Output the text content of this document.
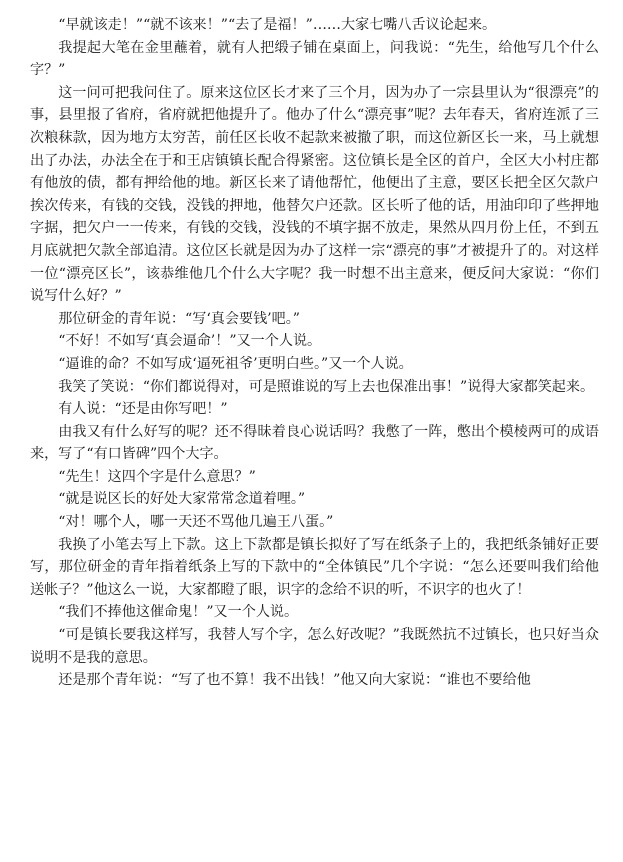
“早就该走！”“就不该来！”“去了是福！”……大家七嘴八舌议论起来。

我提起大笔在金里蘸着，就有人把缎子铺在桌面上，问我说：“先生，给他写几个什么字？”

这一问可把我问住了。原来这位区长才来了三个月，因为办了一宗县里认为“很漂亮”的事，县里报了省府，省府就把他提升了。他办了什么“漂亮事”呢？去年春天，省府连派了三次粮秣款，因为地方太穷苦，前任区长收不起款来被撤了职，而这位新区长一来，马上就想出了办法，办法全在于和王店镇镇长配合得紧密。这位镇长是全区的首户，全区大小村庄都有他放的债，都有押给他的地。新区长来了请他帮忙，他便出了主意，要区长把全区欠款户挨次传来，有钱的交钱，没钱的押地，他替欠户还款。区长听了他的话，用油印印了些押地字据，把欠户一一传来，有钱的交钱，没钱的不填字据不放走，果然从四月份上任，不到五月底就把欠款全部追清。这位区长就是因为办了这样一宗“漂亮的事”才被提升了的。对这样一位“漂亮区长”，该恭维他几个什么大字呢？我一时想不出主意来，便反问大家说：“你们说写什么好？”

那位研金的青年说：“写‘真会要钱’吧。”

“不好！不如写‘真会逼命’！”又一个人说。

“逼谁的命？不如写成‘逼死祖爷’更明白些。”又一个人说。

我笑了笑说：“你们都说得对，可是照谁说的写上去也保准出事！”说得大家都笑起来。

有人说：“还是由你写吧！”

由我又有什么好写的呢？还不得昧着良心说话吗？我憋了一阵，憋出个模棱两可的成语来，写了“有口皆碑”四个大字。

“先生！这四个字是什么意思？”

“就是说区长的好处大家常常念道着哩。”

“对！哪个人，哪一天还不骂他几遍王八蛋。”

我换了小笔去写上下款。这上下款都是镇长拟好了写在纸条子上的，我把纸条铺好正要写，那位研金的青年指着纸条上写的下款中的“全体镇民”几个字说：“怎么还要叫我们给他送帐子？”他这么一说，大家都瞪了眼，识字的念给不识的听，不识字的也火了！

“我们不捧他这催命鬼！”又一个人说。

“可是镇长要我这样写，我替人写个字，怎么好改呢？”我既然抗不过镇长，也只好当众说明不是我的意思。

还是那个青年说：“写了也不算！我不出钱！”他又向大家说：“谁也不要给他
